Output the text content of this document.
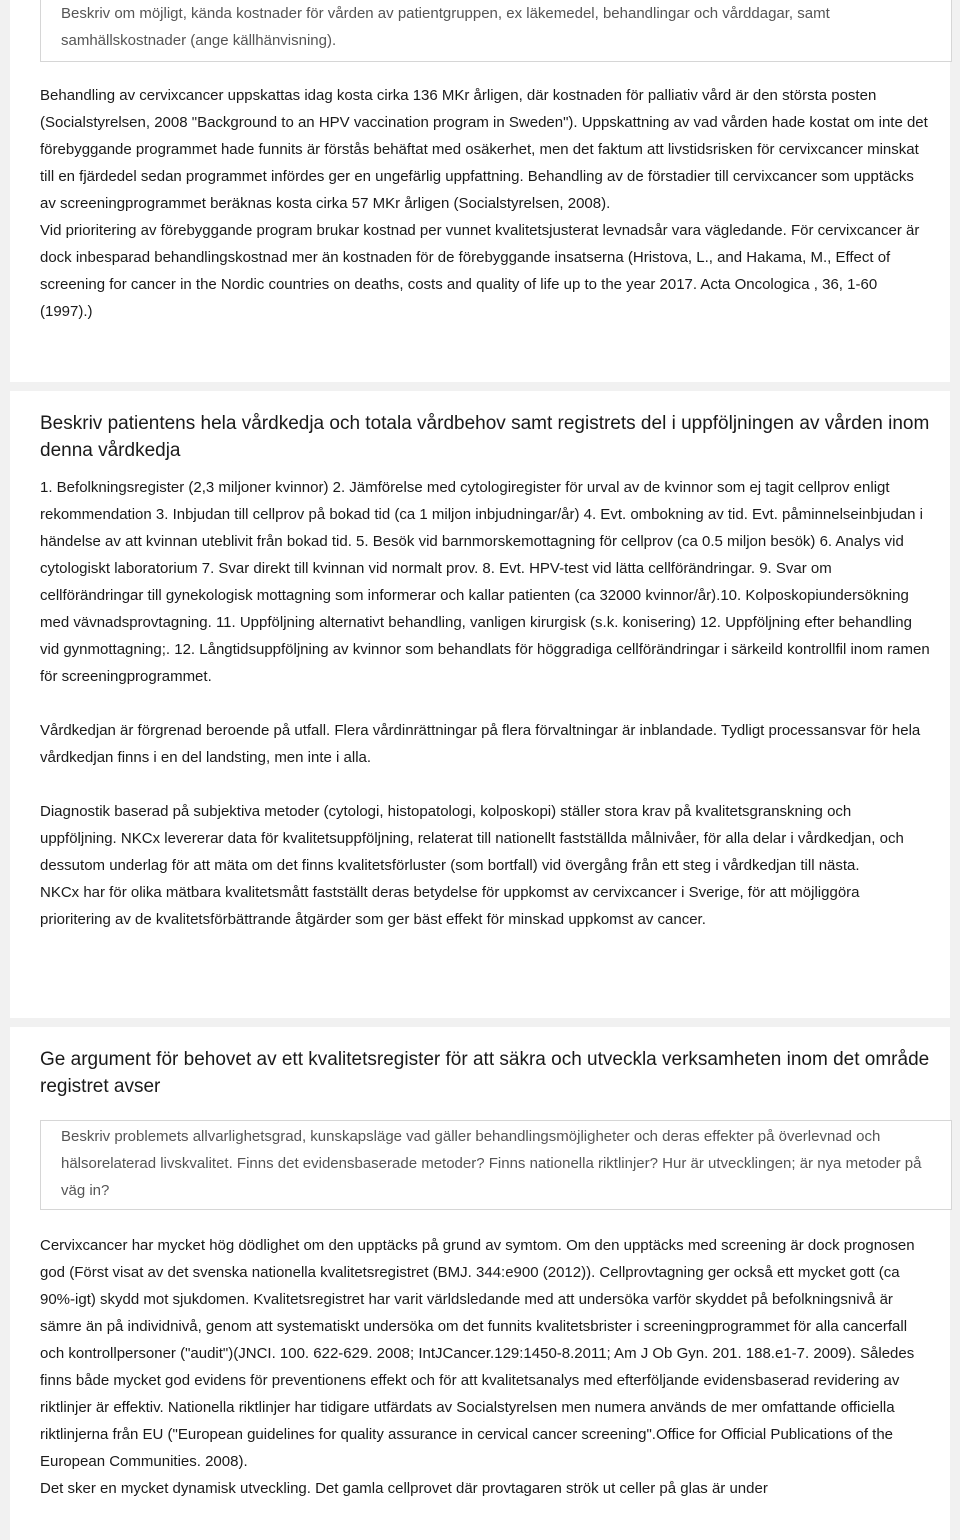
Beskriv om möjligt, kända kostnader för vården av patientgruppen, ex läkemedel, behandlingar och vårddagar, samt samhällskostnader (ange källhänvisning).

Behandling av cervixcancer uppskattas idag kosta cirka 136 MKr årligen, där kostnaden för palliativ vård är den största posten (Socialstyrelsen, 2008 "Background to an HPV vaccination program in Sweden"). Uppskattning av vad vården hade kostat om inte det förebyggande programmet hade funnits är förstås behäftat med osäkerhet, men det faktum att livstidsrisken för cervixcancer minskat till en fjärdedel sedan programmet infördes ger en ungefärlig uppfattning. Behandling av de förstadier till cervixcancer som upptäcks av screeningprogrammet beräknas kosta cirka 57 MKr årligen (Socialstyrelsen, 2008).

Vid prioritering av förebyggande program brukar kostnad per vunnet kvalitetsjusterat levnadsår vara vägledande. För cervixcancer är dock inbesparad behandlingskostnad mer än kostnaden för de förebyggande insatserna (Hristova, L., and Hakama, M., Effect of screening for cancer in the Nordic countries on deaths, costs and quality of life up to the year 2017. Acta Oncologica , 36, 1-60 (1997).)

Beskriv patientens hela vårdkedja och totala vårdbehov samt registrets del i uppföljningen av vården inom denna vårdkedja

1. Befolkningsregister (2,3 miljoner kvinnor) 2. Jämförelse med cytologiregister för urval av de kvinnor som ej tagit cellprov enligt rekommendation 3. Inbjudan till cellprov på bokad tid (ca 1 miljon inbjudningar/år) 4. Evt. ombokning av tid. Evt. påminnelseinbjudan i händelse av att kvinnan uteblivit från bokad tid. 5. Besök vid barnmorskemottagning för cellprov (ca 0.5 miljon besök) 6. Analys vid cytologiskt laboratorium 7. Svar direkt till kvinnan vid normalt prov. 8. Evt. HPV-test vid lätta cellförändringar. 9. Svar om cellförändringar till gynekologisk mottagning som informerar och kallar patienten (ca 32000 kvinnor/år).10. Kolposkopiundersökning med vävnadsprovtagning. 11. Uppföljning alternativt behandling, vanligen kirurgisk (s.k. konisering) 12. Uppföljning efter behandling vid gynmottagning;. 12. Långtidsuppföljning av kvinnor som behandlats för höggradiga cellförändringar i särkeild kontrollfil inom ramen för screeningprogrammet.

Vårdkedjan är förgrenad beroende på utfall. Flera vårdinrättningar på flera förvaltningar är inblandade. Tydligt processansvar för hela vårdkedjan finns i en del landsting, men inte i alla.

Diagnostik baserad på subjektiva metoder (cytologi, histopatologi, kolposkopi) ställer stora krav på kvalitetsgranskning och uppföljning. NKCx levererar data för kvalitetsuppföljning, relaterat till nationellt fastställda målnivåer, för alla delar i vårdkedjan, och dessutom underlag för att mäta om det finns kvalitetsförluster (som bortfall) vid övergång från ett steg i vårdkedjan till nästa.

NKCx har för olika mätbara kvalitetsmått fastställt deras betydelse för uppkomst av cervixcancer i Sverige, för att möjliggöra prioritering av de kvalitetsförbättrande åtgärder som ger bäst effekt för minskad uppkomst av cancer.

Ge argument för behovet av ett kvalitetsregister för att säkra och utveckla verksamheten inom det område registret avser
Beskriv problemets allvarlighetsgrad, kunskapsläge vad gäller behandlingsmöjligheter och deras effekter på överlevnad och hälsorelaterad livskvalitet. Finns det evidensbaserade metoder? Finns nationella riktlinjer? Hur är utvecklingen; är nya metoder på väg in?

Cervixcancer har mycket hög dödlighet om den upptäcks på grund av symtom. Om den upptäcks med screening är dock prognosen god (Först visat av det svenska nationella kvalitetsregistret (BMJ. 344:e900 (2012)). Cellprovtagning ger också ett mycket gott (ca 90%-igt) skydd mot sjukdomen. Kvalitetsregistret har varit världsledande med att undersöka varför skyddet på befolkningsnivå är sämre än på individnivå, genom att systematiskt undersöka om det funnits kvalitetsbrister i screeningprogrammet för alla cancerfall och kontrollpersoner ("audit")(JNCI. 100. 622-629. 2008; IntJCancer.129:1450-8.2011; Am J Ob Gyn. 201. 188.e1-7. 2009). Således finns både mycket god evidens för preventionens effekt och för att kvalitetsanalys med efterföljande evidensbaserad revidering av riktlinjer är effektiv. Nationella riktlinjer har tidigare utfärdats av Socialstyrelsen men numera används de mer omfattande officiella riktlinjerna från EU ("European guidelines for quality assurance in cervical cancer screening".Office for Official Publications of the European Communities. 2008).

Det sker en mycket dynamisk utveckling. Det gamla cellprovet där provtagaren strök ut celler på glas är under
